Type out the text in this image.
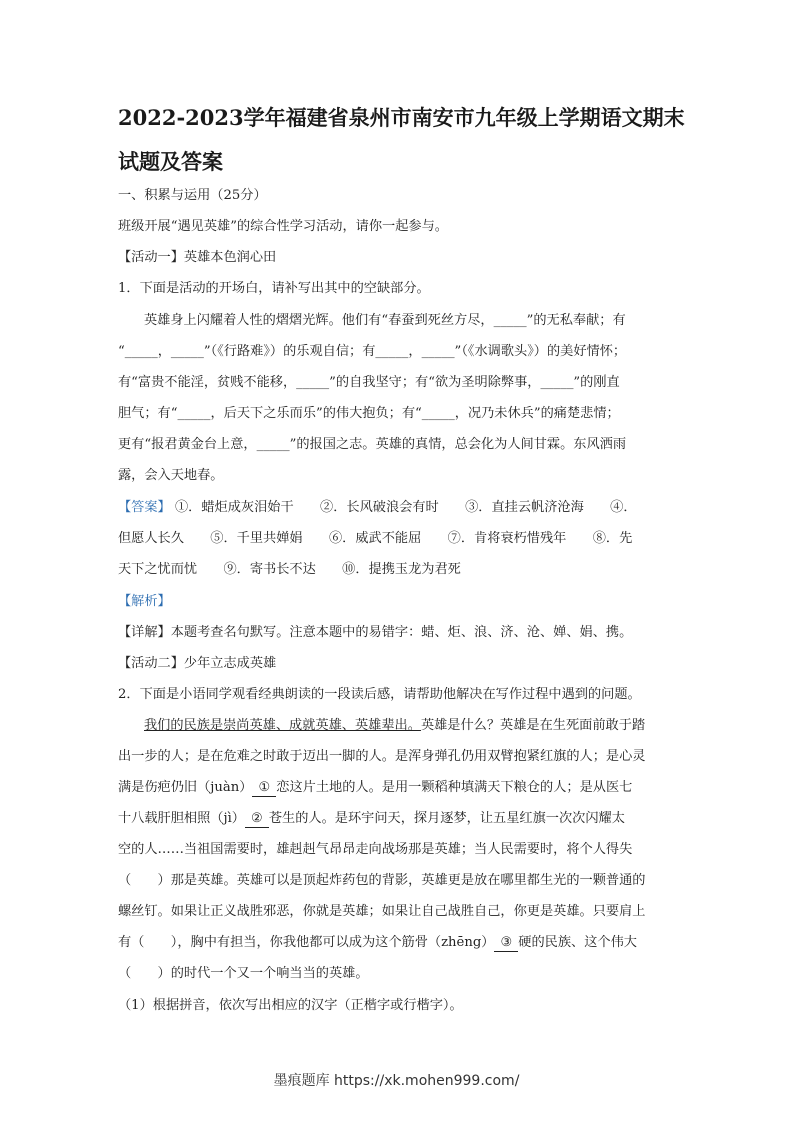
2022-2023学年福建省泉州市南安市九年级上学期语文期末
试题及答案
一、积累与运用（25分）
班级开展“遇见英雄”的综合性学习活动，请你一起参与。
【活动一】英雄本色润心田
1．下面是活动的开场白，请补写出其中的空缺部分。
英雄身上闪耀着人性的熠熠光辉。他们有“春蚕到死丝方尽，_____”的无私奉献；有
“_____，_____”（《行路难》）的乐观自信；有_____，_____”（《水调歌头》）的美好情怀；
有“富贵不能淫，贫贱不能移，_____”的自我坚守；有“欲为圣明除弊事，_____”的刚直
胆气；有“_____，后天下之乐而乐”的伟大抱负；有“_____，况乃未休兵”的痛楚悲情；
更有“报君黄金台上意，_____”的报国之志。英雄的真情，总会化为人间甘霖。东风洒雨
露，会入天地春。
【答案】 ①．蜡炬成灰泪始干　　②．长风破浪会有时　　③．直挂云帆济沧海　　④．
但愿人长久　　⑤．千里共婵娟　　⑥．威武不能屈　　⑦．肯将衰朽惜残年　　⑧．先
天下之忧而忧　　⑨．寄书长不达　　⑩．提携玉龙为君死
【解析】
【详解】本题考查名句默写。注意本题中的易错字：蜡、炬、浪、济、沧、婵、娟、携。
【活动二】少年立志成英雄
2．下面是小语同学观看经典朗读的一段读后感，请帮助他解决在写作过程中遇到的问题。
我们的民族是崇尚英雄、成就英雄、英雄辈出。英雄是什么？英雄是在生死面前敢于踏
出一步的人；是在危难之时敢于迈出一脚的人。是浑身弹孔仍用双臂抱紧红旗的人；是心灵
满是伤疤仍旧（juàn） ① 恋这片土地的人。是用一颗稻种填满天下粮仓的人；是从医七
十八载肝胆相照（jì） ② 苍生的人。是环宇问天，探月逐梦，让五星红旗一次次闪耀太
空的人……当祖国需要时，雄赳赳气昂昂走向战场那是英雄；当人民需要时，将个人得失
（　　）那是英雄。英雄可以是顶起炸药包的背影，英雄更是放在哪里都生光的一颗普通的
螺丝钉。如果让正义战胜邪恶，你就是英雄；如果让自己战胜自己，你更是英雄。只要肩上
有（　　），胸中有担当，你我他都可以成为这个筋骨（zhēng） ③ 硬的民族、这个伟大
（　　）的时代一个又一个响当当的英雄。
（1）根据拼音，依次写出相应的汉字（正楷字或行楷字）。
墨痕题库 https://xk.mohen999.com/
